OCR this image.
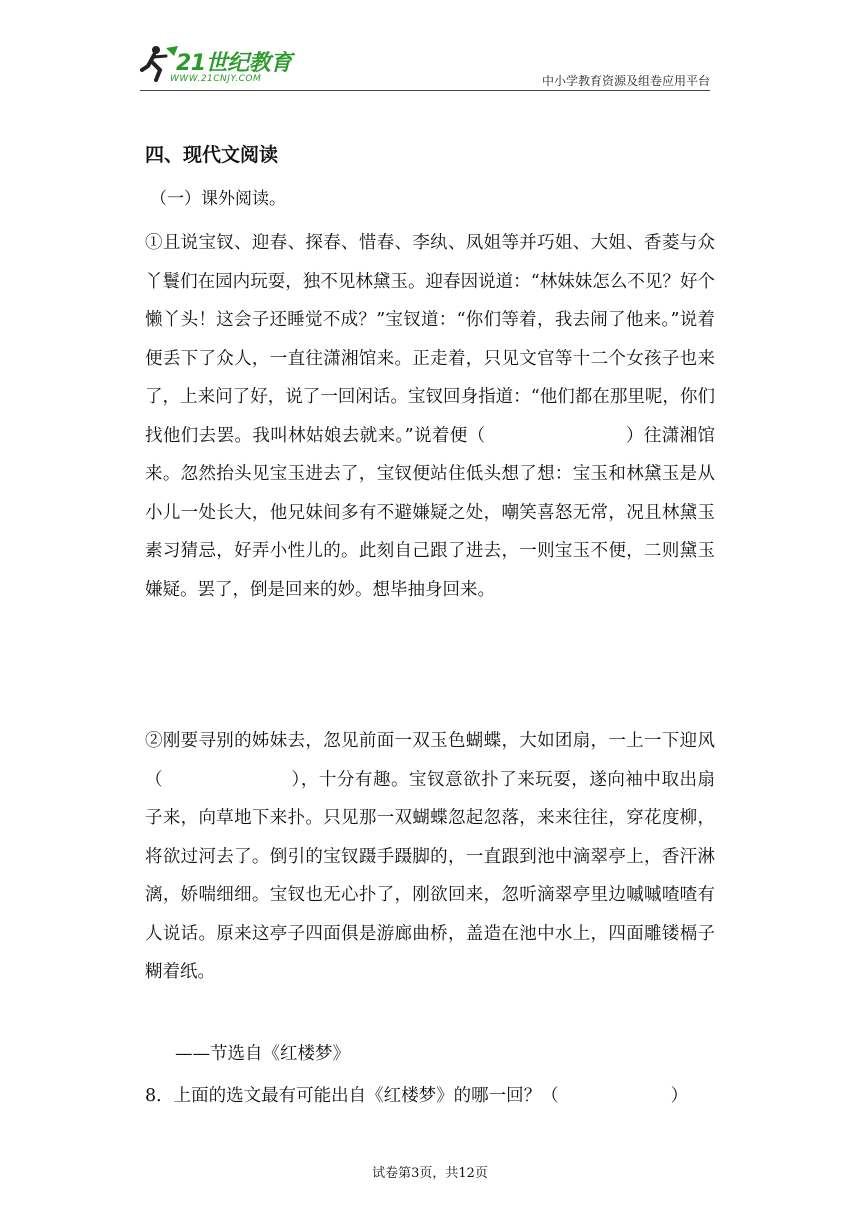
21世纪教育
WWW.21CNJY.COM	中小学教育资源及组卷应用平台
四、现代文阅读
（一）课外阅读。
①且说宝钗、迎春、探春、惜春、李纨、凤姐等并巧姐、大姐、香菱与众丫鬟们在园内玩耍，独不见林黛玉。迎春因说道：“林妹妹怎么不见？好个懒丫头！这会子还睡觉不成？”宝钗道：“你们等着，我去闹了他来。”说着便丢下了众人，一直往潇湘馆来。正走着，只见文官等十二个女孩子也来了，上来问了好，说了一回闲话。宝钗回身指道：“他们都在那里呢，你们找他们去罢。我叫林姑娘去就来。”说着便（	）往潇湘馆来。忽然抬头见宝玉进去了，宝钗便站住低头想了想：宝玉和林黛玉是从小儿一处长大，他兄妹间多有不避嫌疑之处，嘲笑喜怒无常，况且林黛玉素习猜忌，好弄小性儿的。此刻自己跟了进去，一则宝玉不便，二则黛玉嫌疑。罢了，倒是回来的妙。想毕抽身回来。
②刚要寻别的姊妹去，忽见前面一双玉色蝴蝶，大如团扇，一上一下迎风（	），十分有趣。宝钗意欲扑了来玩耍，遂向袖中取出扇子来，向草地下来扑。只见那一双蝴蝶忽起忽落，来来往往，穿花度柳，将欲过河去了。倒引的宝钗蹑手蹑脚的，一直跟到池中滴翠亭上，香汗淋漓，娇喘细细。宝钗也无心扑了，刚欲回来，忽听滴翠亭里边嘁嘁喳喳有人说话。原来这亭子四面俱是游廊曲桥，盖造在池中水上，四面雕镂槅子糊着纸。
——节选自《红楼梦》
8．上面的选文最有可能出自《红楼梦》的哪一回？（	）
试卷第3页，共12页
